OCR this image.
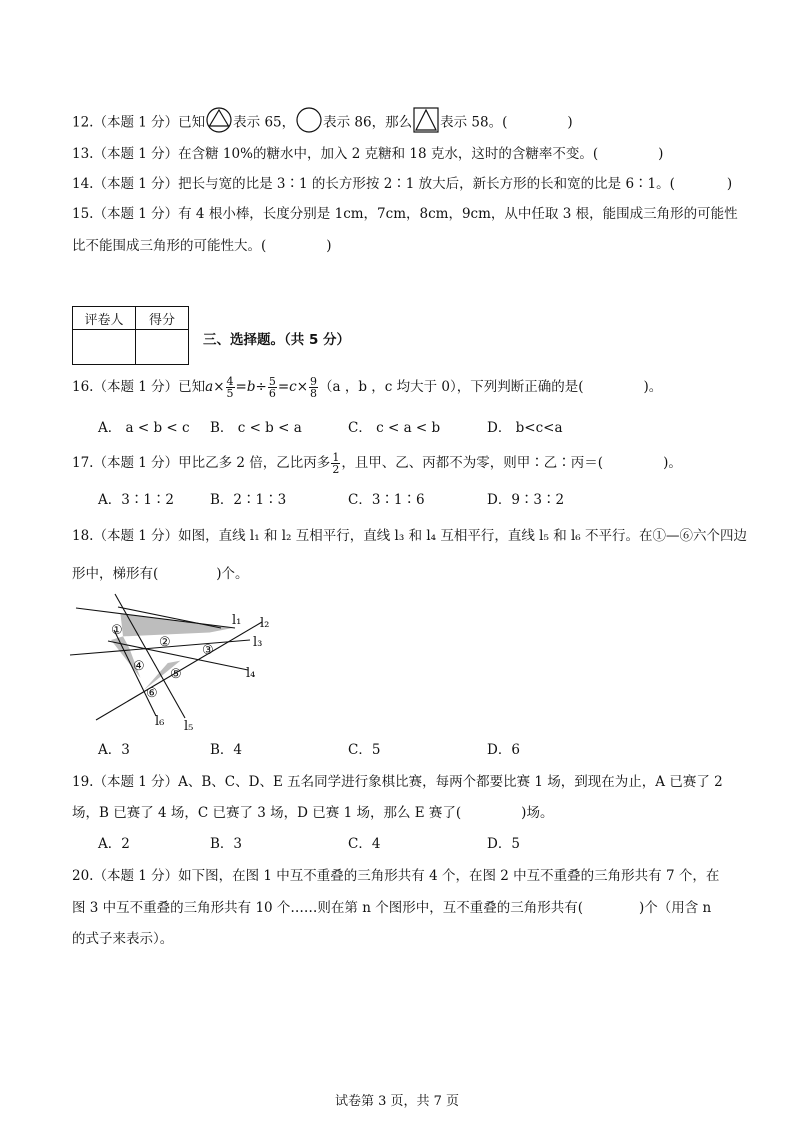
12.（本题 1 分）已知 表示 65， 表示 86，那么 表示 58。(	)
13.（本题 1 分）在含糖 10%的糖水中，加入 2 克糖和 18 克水，这时的含糖率不变。(	)
14.（本题 1 分）把长与宽的比是 3∶1 的长方形按 2∶1 放大后，新长方形的长和宽的比是 6∶1。(	)
15.（本题 1 分）有 4 根小棒，长度分别是 1cm，7cm，8cm，9cm，从中任取 3 根，能围成三角形的可能性
比不能围成三角形的可能性大。(	)
评卷人	得分

三、选择题。（共 5 分）
16.（本题 1 分）已知$a\times \frac{4}{5} =b\div \frac{5}{6} =c\times \frac{9}{8} (a$ ，b ，c 均大于 0），下列判断正确的是(	)。
A． a < b < c B． c < b < a	C． c < a < b	D． b<c<a
17.（本题 1 分）甲比乙多 2 倍，乙比丙多 $\frac{1}{2}$ ，且甲、乙、丙都不为零，则甲∶乙∶丙＝(	)。
A．3∶1∶2	B．2∶1∶3	C．3∶1∶6	D．9∶3∶2
18.（本题 1 分）如图，直线 l₁ 和 l₂ 互相平行，直线 l₃ 和 l₄ 互相平行，直线 l₅ 和 l₆ 不平行。在①—⑥六个四边
形中，梯形有(	)个。
l₁ l₂
l₃
l₄
l₅
l₆
①
②
③
④
⑤
⑥
A．3	B．4	C．5	D．6
19.（本题 1 分）A、B、C、D、E 五名同学进行象棋比赛，每两个都要比赛 1 场，到现在为止，A 已赛了 2
场，B 已赛了 4 场，C 已赛了 3 场，D 已赛 1 场，那么 E 赛了(	)场。
A．2	B．3	C．4	D．5
20.（本题 1 分）如下图，在图 1 中互不重叠的三角形共有 4 个，在图 2 中互不重叠的三角形共有 7 个，在
图 3 中互不重叠的三角形共有 10 个……则在第 n 个图形中，互不重叠的三角形共有(	)个（用含 n
的式子来表示）。
试卷第 3 页，共 7 页
